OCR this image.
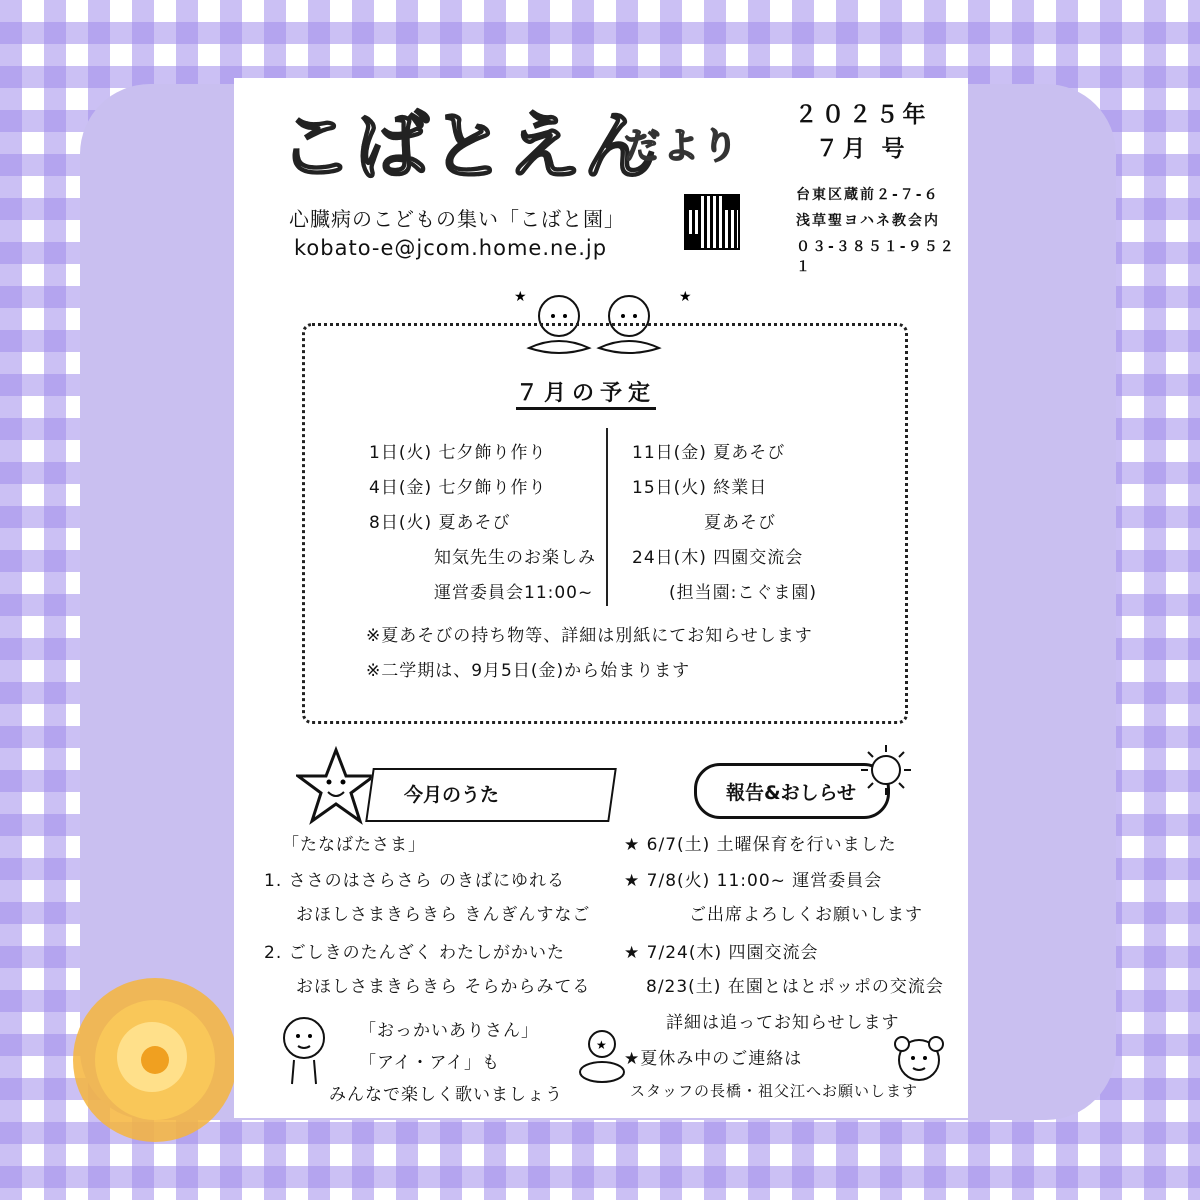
こばとえん
だより
２０２５年
７月 号
心臓病のこどもの集い「こばと園」
kobato-e@jcom.home.ne.jp
台東区蔵前２-７-６
浅草聖ヨハネ教会内
０３-３８５１-９５２１
★	★
７月の予定
1日(火) 七夕飾り作り
4日(金) 七夕飾り作り
8日(火) 夏あそび
知気先生のお楽しみ
運営委員会11:00~
11日(金) 夏あそび
15日(火) 終業日
夏あそび
24日(木) 四園交流会
(担当園:こぐま園)
※夏あそびの持ち物等、詳細は別紙にてお知らせします
※二学期は、9月5日(金)から始まります
今月のうた
「たなばたさま」
1. ささのはさらさら のきばにゆれる
おほしさまきらきら きんぎんすなご
2. ごしきのたんざく わたしがかいた
おほしさまきらきら そらからみてる
「おっかいありさん」
「アイ・アイ」も
みんなで楽しく歌いましょう
報告&おしらせ
★ 6/7(土) 土曜保育を行いました
★ 7/8(火) 11:00~ 運営委員会
ご出席よろしくお願いします
★ 7/24(木) 四園交流会
8/23(土) 在園とはとポッポの交流会
詳細は追ってお知らせします
★夏休み中のご連絡は
スタッフの長橋・祖父江へお願いします
★
